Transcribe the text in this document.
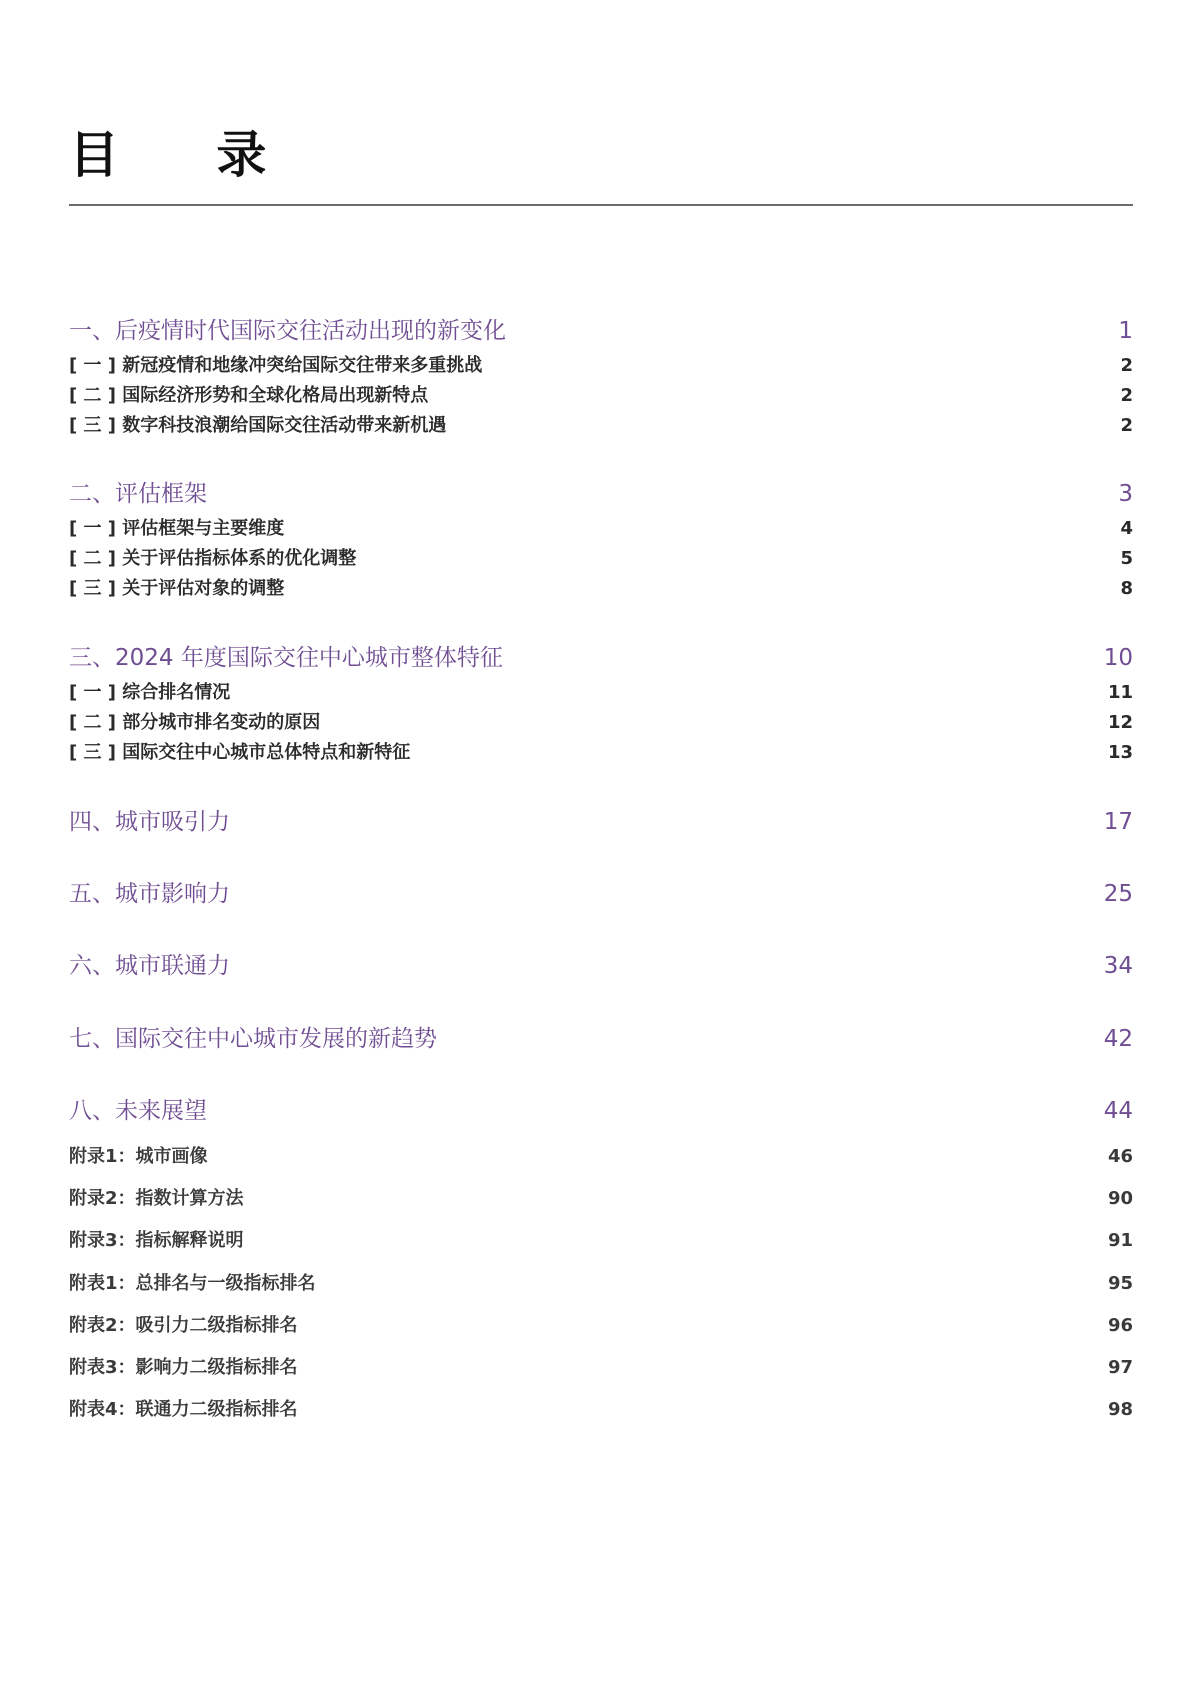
目 录
一、后疫情时代国际交往活动出现的新变化	1
[ 一 ] 新冠疫情和地缘冲突给国际交往带来多重挑战	2
[ 二 ] 国际经济形势和全球化格局出现新特点	2
[ 三 ] 数字科技浪潮给国际交往活动带来新机遇	2
二、评估框架	3
[ 一 ] 评估框架与主要维度	4
[ 二 ] 关于评估指标体系的优化调整	5
[ 三 ] 关于评估对象的调整	8
三、2024 年度国际交往中心城市整体特征	10
[ 一 ] 综合排名情况	11
[ 二 ] 部分城市排名变动的原因	12
[ 三 ] 国际交往中心城市总体特点和新特征	13
四、城市吸引力	17
五、城市影响力	25
六、城市联通力	34
七、国际交往中心城市发展的新趋势	42
八、未来展望	44
附录1：城市画像	46
附录2：指数计算方法	90
附录3：指标解释说明	91
附表1：总排名与一级指标排名	95
附表2：吸引力二级指标排名	96
附表3：影响力二级指标排名	97
附表4：联通力二级指标排名	98
